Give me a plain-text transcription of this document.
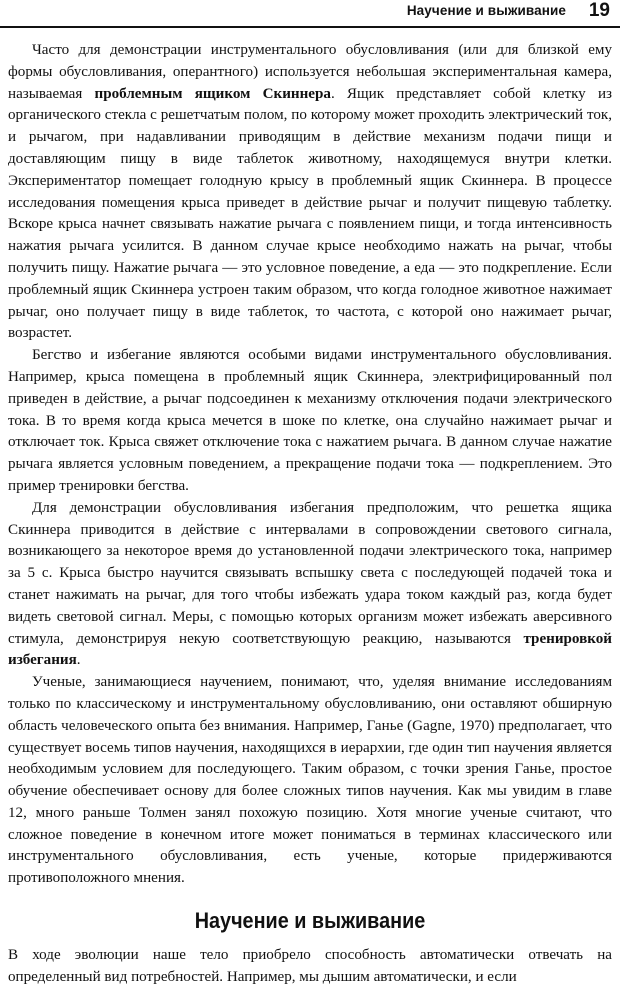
Научение и выживание 19

Часто для демонстрации инструментального обусловливания (или для близкой ему формы обусловливания, оперантного) используется небольшая экспериментальная камера, называемая проблемным ящиком Скиннера. Ящик представляет собой клетку из органического стекла с решетчатым полом, по которому может проходить электрический ток, и рычагом, при надавливании приводящим в действие механизм подачи пищи и доставляющим пищу в виде таблеток животному, находящемуся внутри клетки. Экспериментатор помещает голодную крысу в проблемный ящик Скиннера. В процессе исследования помещения крыса приведет в действие рычаг и получит пищевую таблетку. Вскоре крыса начнет связывать нажатие рычага с появлением пищи, и тогда интенсивность нажатия рычага усилится. В данном случае крысе необходимо нажать на рычаг, чтобы получить пищу. Нажатие рычага — это условное поведение, а еда — это подкрепление. Если проблемный ящик Скиннера устроен таким образом, что когда голодное животное нажимает рычаг, оно получает пищу в виде таблеток, то частота, с которой оно нажимает рычаг, возрастет.

Бегство и избегание являются особыми видами инструментального обусловливания. Например, крыса помещена в проблемный ящик Скиннера, электрифицированный пол приведен в действие, а рычаг подсоединен к механизму отключения подачи электрического тока. В то время когда крыса мечется в шоке по клетке, она случайно нажимает рычаг и отключает ток. Крыса свяжет отключение тока с нажатием рычага. В данном случае нажатие рычага является условным поведением, а прекращение подачи тока — подкреплением. Это пример тренировки бегства.

Для демонстрации обусловливания избегания предположим, что решетка ящика Скиннера приводится в действие с интервалами в сопровождении светового сигнала, возникающего за некоторое время до установленной подачи электрического тока, например за 5 с. Крыса быстро научится связывать вспышку света с последующей подачей тока и станет нажимать на рычаг, для того чтобы избежать удара током каждый раз, когда будет видеть световой сигнал. Меры, с помощью которых организм может избежать аверсивного стимула, демонстрируя некую соответствующую реакцию, называются тренировкой избегания.

Ученые, занимающиеся научением, понимают, что, уделяя внимание исследованиям только по классическому и инструментальному обусловливанию, они оставляют обширную область человеческого опыта без внимания. Например, Ганье (Gagne, 1970) предполагает, что существует восемь типов научения, находящихся в иерархии, где один тип научения является необходимым условием для последующего. Таким образом, с точки зрения Ганье, простое обучение обеспечивает основу для более сложных типов научения. Как мы увидим в главе 12, много раньше Толмен занял похожую позицию. Хотя многие ученые считают, что сложное поведение в конечном итоге может пониматься в терминах классического или инструментального обусловливания, есть ученые, которые придерживаются противоположного мнения.

Научение и выживание

В ходе эволюции наше тело приобрело способность автоматически отвечать на определенный вид потребностей. Например, мы дышим автоматически, и если
